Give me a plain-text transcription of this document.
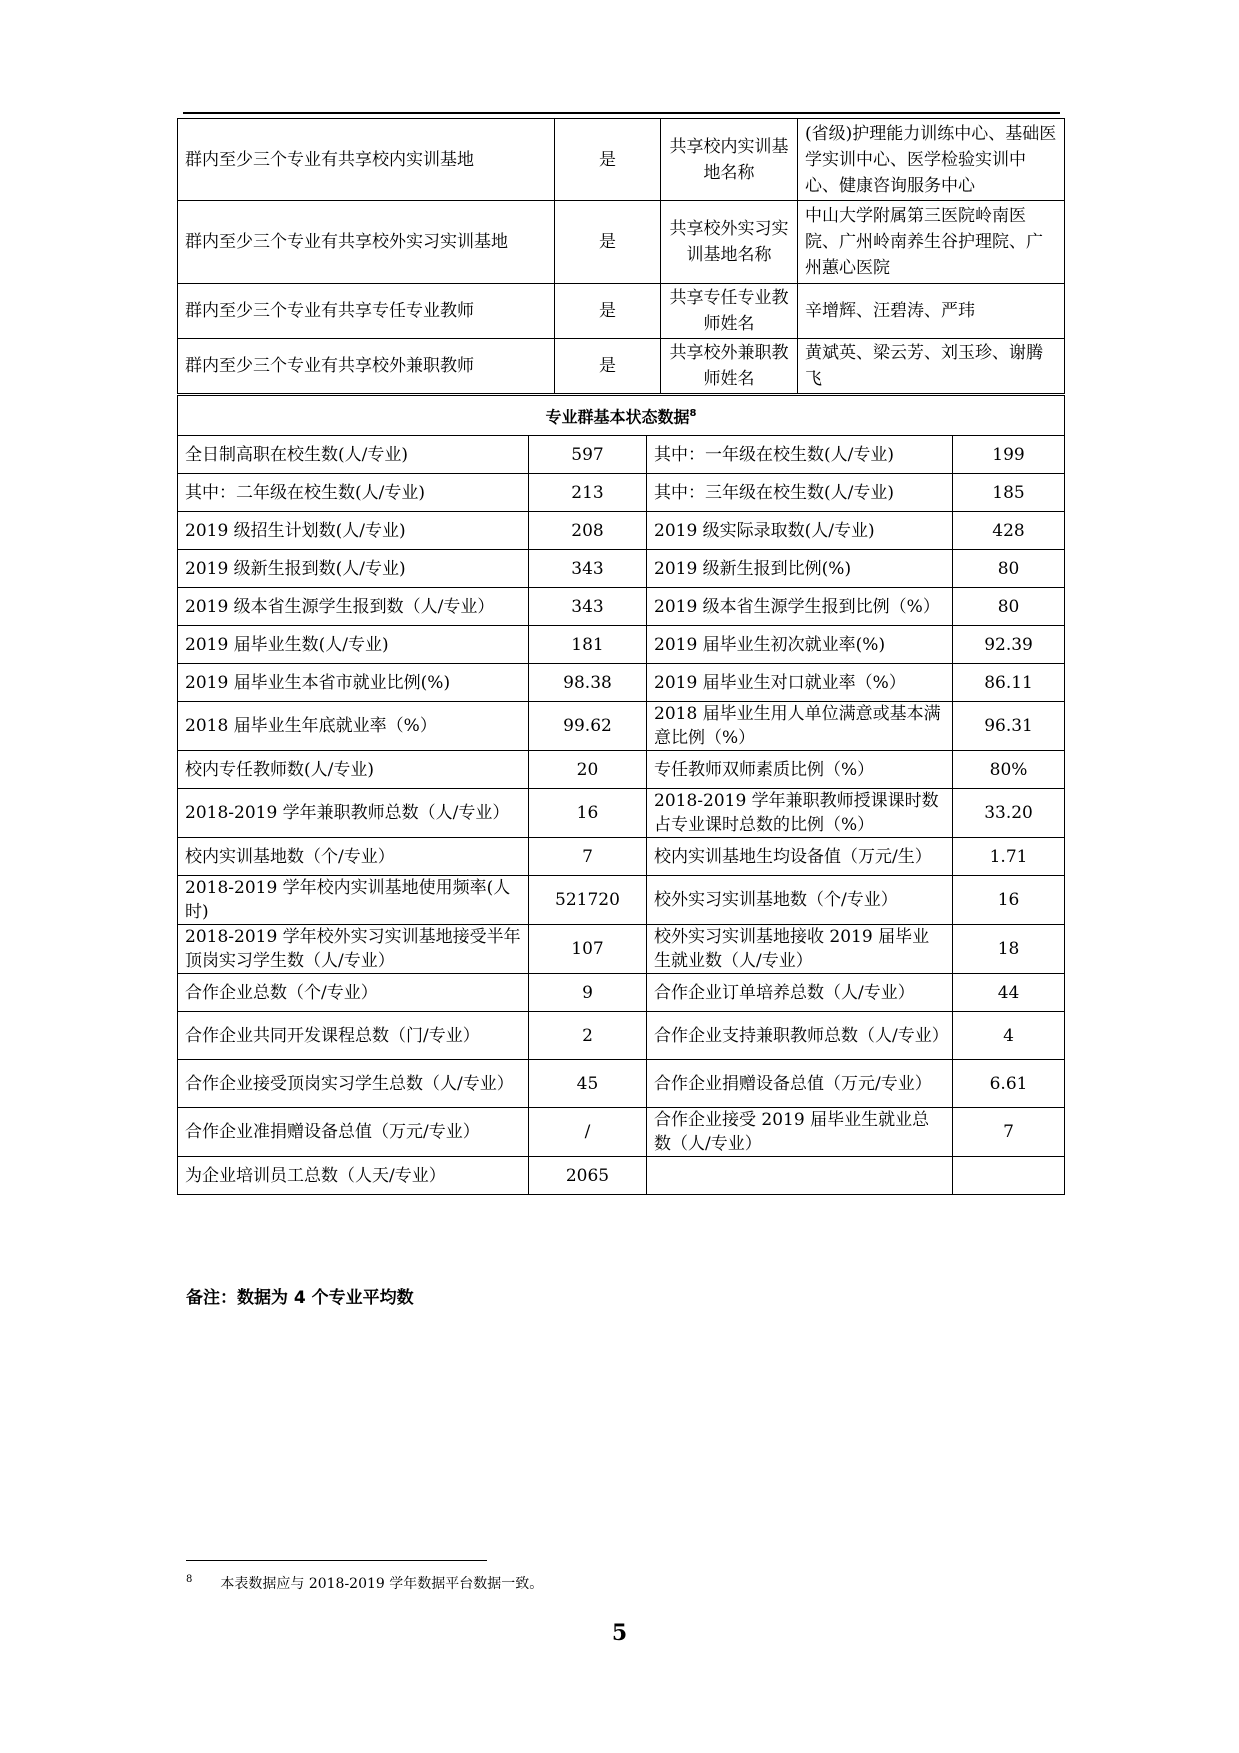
群内至少三个专业有共享校内实训基地	是	共享校内实训基地名称	(省级)护理能力训练中心、基础医学实训中心、医学检验实训中心、健康咨询服务中心
群内至少三个专业有共享校外实习实训基地	是	共享校外实习实训基地名称	中山大学附属第三医院岭南医院、广州岭南养生谷护理院、广州蕙心医院
群内至少三个专业有共享专任专业教师	是	共享专任专业教师姓名	辛增辉、汪碧涛、严玮
群内至少三个专业有共享校外兼职教师	是	共享校外兼职教师姓名	黄斌英、梁云芳、刘玉珍、谢腾飞
专业群基本状态数据$^8$
全日制高职在校生数(人/专业)	597	其中：一年级在校生数(人/专业)	199
其中：二年级在校生数(人/专业)	213	其中：三年级在校生数(人/专业)	185
2019 级招生计划数(人/专业)	208	2019 级实际录取数(人/专业)	428
2019 级新生报到数(人/专业)	343	2019 级新生报到比例(%)	80
2019 级本省生源学生报到数（人/专业）	343	2019 级本省生源学生报到比例（%）	80
2019 届毕业生数(人/专业)	181	2019 届毕业生初次就业率(%)	92.39
2019 届毕业生本省市就业比例(%)	98.38	2019 届毕业生对口就业率（%）	86.11
2018 届毕业生年底就业率（%）	99.62	2018 届毕业生用人单位满意或基本满意比例（%）	96.31
校内专任教师数(人/专业)	20	专任教师双师素质比例（%）	80%
2018-2019 学年兼职教师总数（人/专业）	16	2018-2019 学年兼职教师授课课时数占专业课时总数的比例（%）	33.20
校内实训基地数（个/专业）	7	校内实训基地生均设备值（万元/生）	1.71
2018-2019 学年校内实训基地使用频率(人时)	521720	校外实习实训基地数（个/专业）	16
2018-2019 学年校外实习实训基地接受半年顶岗实习学生数（人/专业）	107	校外实习实训基地接收 2019 届毕业生就业数（人/专业）	18
合作企业总数（个/专业）	9	合作企业订单培养总数（人/专业）	44
合作企业共同开发课程总数（门/专业）	2	合作企业支持兼职教师总数（人/专业）	4
合作企业接受顶岗实习学生总数（人/专业）	45	合作企业捐赠设备总值（万元/专业）	6.61
合作企业准捐赠设备总值（万元/专业）	/	合作企业接受 2019 届毕业生就业总数（人/专业）	7
为企业培训员工总数（人天/专业）	2065		
备注：数据为 4 个专业平均数
$^8$ 本表数据应与 2018-2019 学年数据平台数据一致。
5
